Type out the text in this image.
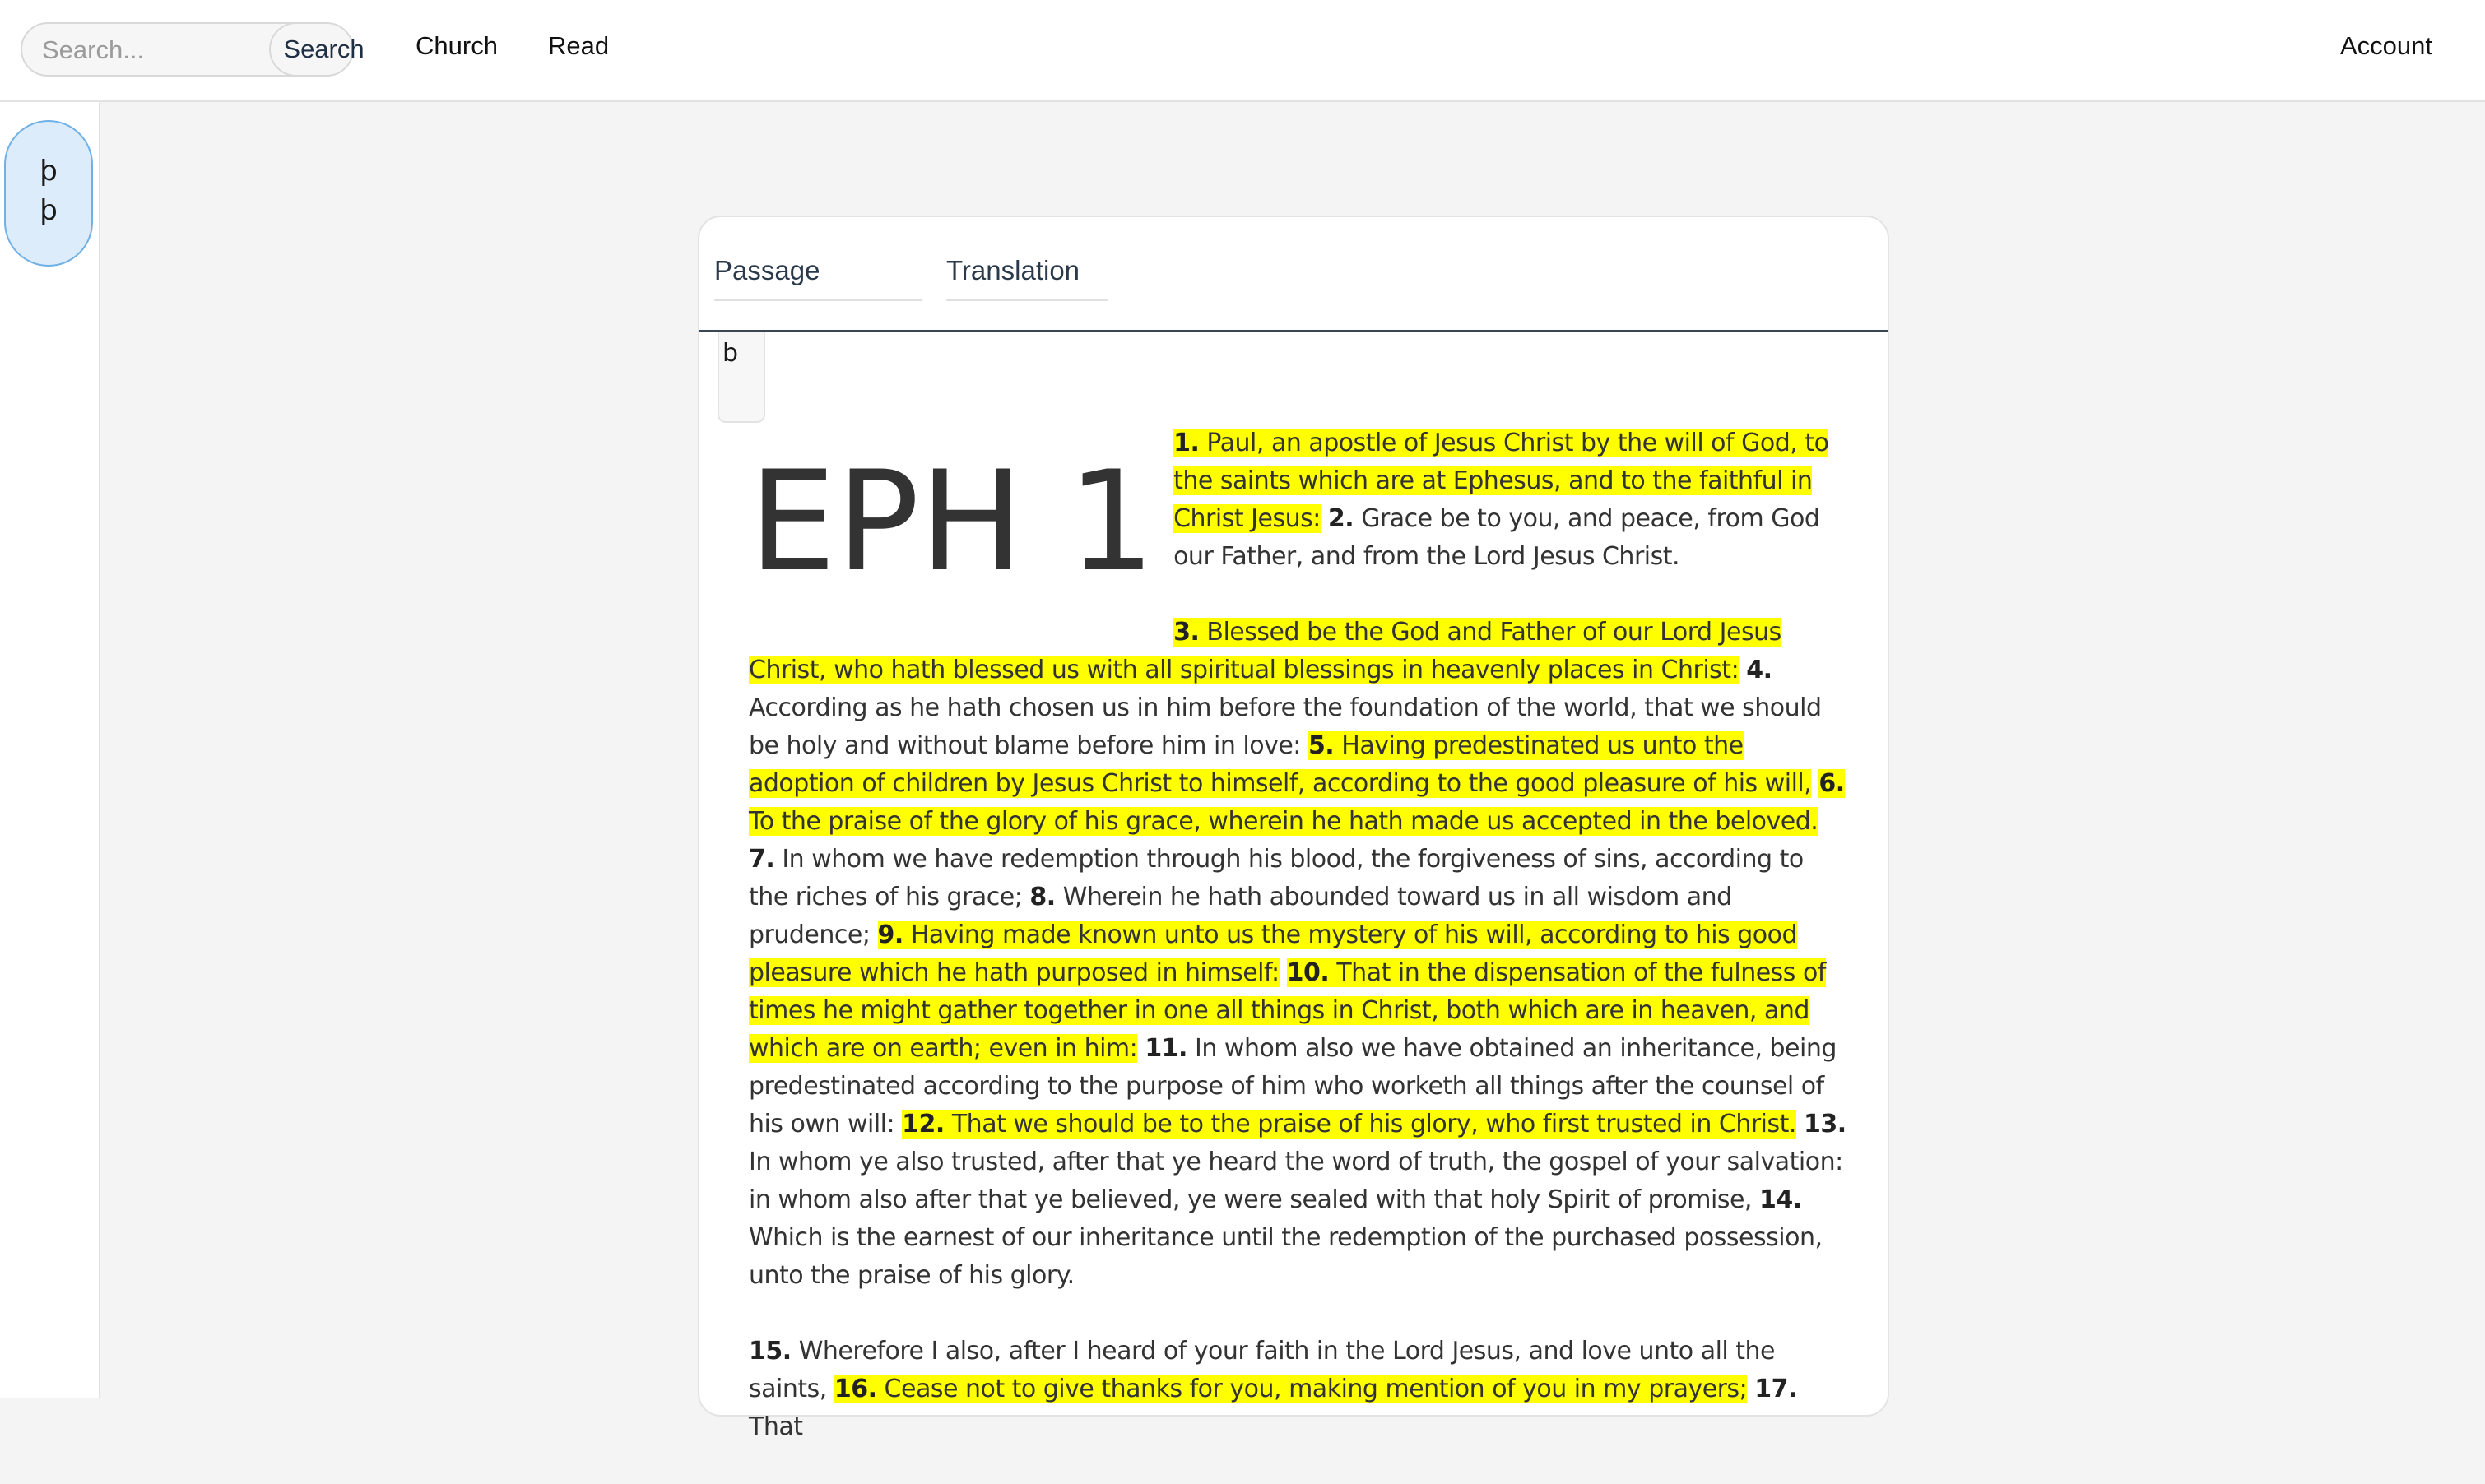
Search...
Search Church Read	Account
þ
þ
Passage	Translation
b
EPH 1 1. Paul, an apostle of Jesus Christ by the will of God, to the saints which are at Ephesus, and to the faithful in Christ Jesus: 2. Grace be to you, and peace, from God our Father, and from the Lord Jesus Christ.

3. Blessed be the God and Father of our Lord Jesus Christ, who hath blessed us with all spiritual blessings in heavenly places in Christ: 4. According as he hath chosen us in him before the foundation of the world, that we should be holy and without blame before him in love: 5. Having predestinated us unto the adoption of children by Jesus Christ to himself, according to the good pleasure of his will, 6. To the praise of the glory of his grace, wherein he hath made us accepted in the beloved. 7. In whom we have redemption through his blood, the forgiveness of sins, according to the riches of his grace; 8. Wherein he hath abounded toward us in all wisdom and prudence; 9. Having made known unto us the mystery of his will, according to his good pleasure which he hath purposed in himself: 10. That in the dispensation of the fulness of times he might gather together in one all things in Christ, both which are in heaven, and which are on earth; even in him: 11. In whom also we have obtained an inheritance, being predestinated according to the purpose of him who worketh all things after the counsel of his own will: 12. That we should be to the praise of his glory, who first trusted in Christ. 13. In whom ye also trusted, after that ye heard the word of truth, the gospel of your salvation: in whom also after that ye believed, ye were sealed with that holy Spirit of promise, 14. Which is the earnest of our inheritance until the redemption of the purchased possession, unto the praise of his glory.

15. Wherefore I also, after I heard of your faith in the Lord Jesus, and love unto all the saints, 16. Cease not to give thanks for you, making mention of you in my prayers; 17. That
